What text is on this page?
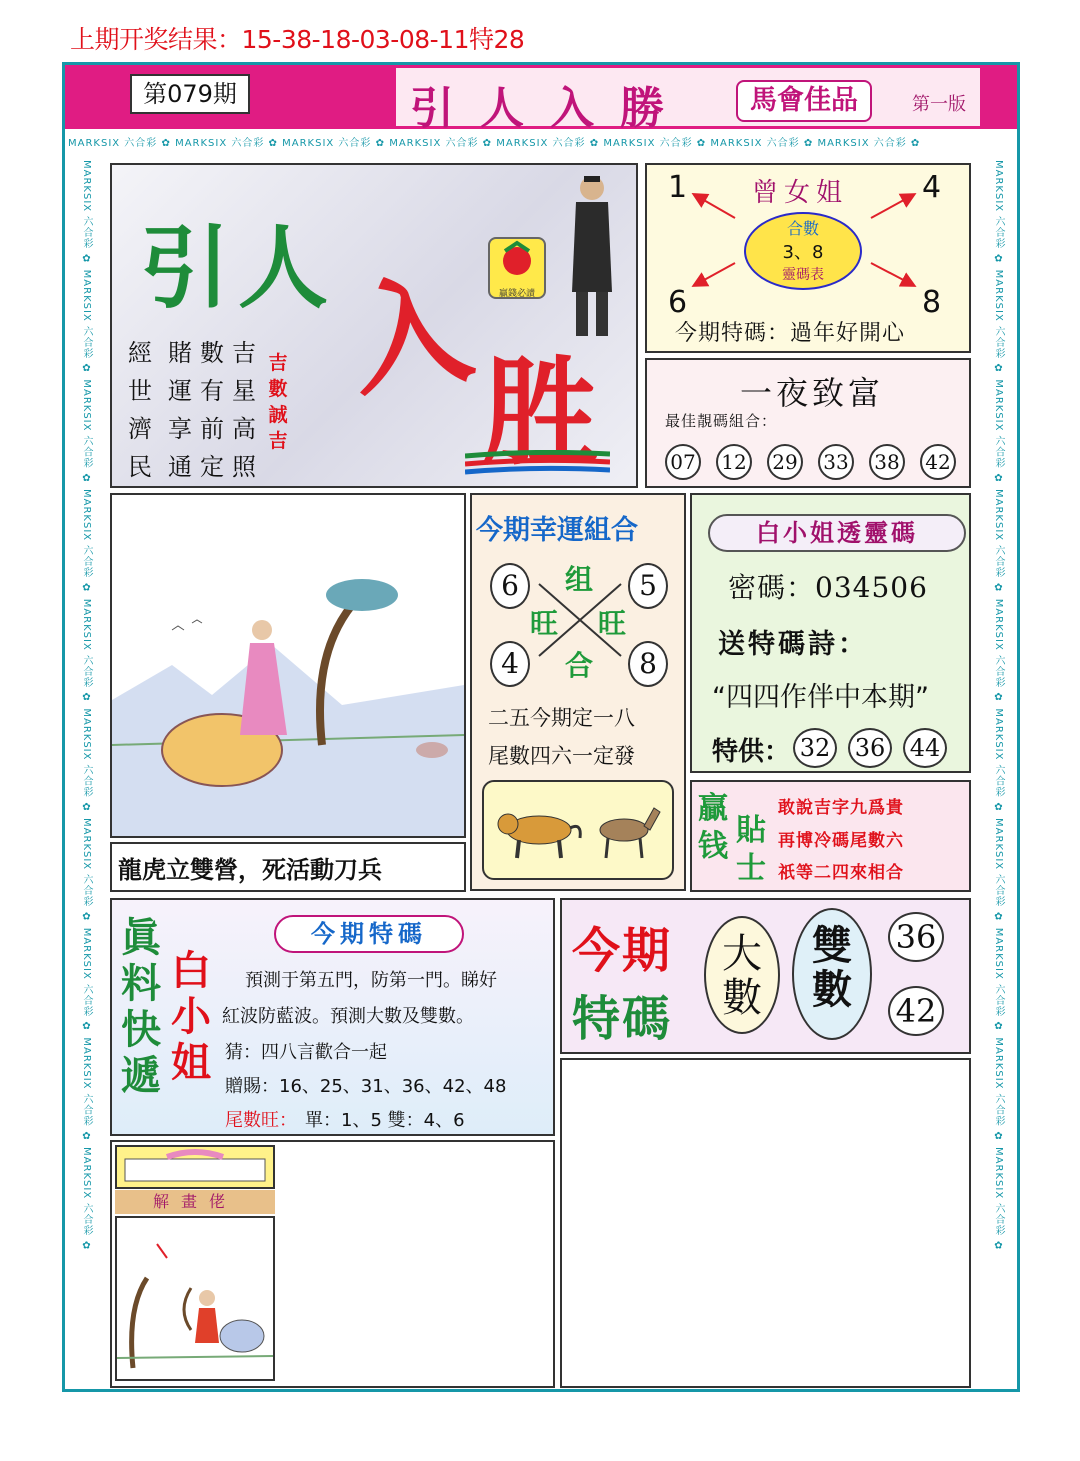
上期开奖结果：15-38-18-03-08-11特28
第079期	引人入勝	馬會佳品	第一版
MARKSIX 六合彩 ✿ MARKSIX 六合彩 ✿ MARKSIX 六合彩 ✿ MARKSIX 六合彩 ✿ MARKSIX 六合彩 ✿ MARKSIX 六合彩 ✿ MARKSIX 六合彩 ✿ MARKSIX 六合彩 ✿
MARKSIX 六合彩 ✿ MARKSIX 六合彩 ✿ MARKSIX 六合彩 ✿ MARKSIX 六合彩 ✿ MARKSIX 六合彩 ✿ MARKSIX 六合彩 ✿ MARKSIX 六合彩 ✿ MARKSIX 六合彩 ✿ MARKSIX 六合彩 ✿ MARKSIX 六合彩 ✿
MARKSIX 六合彩 ✿ MARKSIX 六合彩 ✿ MARKSIX 六合彩 ✿ MARKSIX 六合彩 ✿ MARKSIX 六合彩 ✿ MARKSIX 六合彩 ✿ MARKSIX 六合彩 ✿ MARKSIX 六合彩 ✿ MARKSIX 六合彩 ✿ MARKSIX 六合彩 ✿
引人 入 胜
經世濟民
賭運享通
數有前定
吉星高照
吉數誠吉
贏錢必讀
曾女姐
合數
3、8
靈碼表
1	4
6	8
今期特碼：過年好開心
一夜致富
最佳靚碼組合：
07 12 29 33 38 42
龍虎立雙營，死活動刀兵
今期幸運組合
6	5
4	8
组
旺 旺
合
二五今期定一八
尾數四六一定發
白小姐透靈碼
密碼：034506
送特碼詩：
“四四作伴中本期”
特供： 32 36 44
贏钱 貼士
敢說吉字九爲貴
再博冷碼尾數六
祇等二四來相合
眞料快遞
白小姐
今期特碼
預測于第五門，防第一門。睇好
紅波防藍波。預測大數及雙數。
猜：四八言歡合一起
贈賜：16、25、31、36、42、48
尾數旺： 單：1、5 雙：4、6
今期
特碼
大數
雙數
36
42
解畫佬
